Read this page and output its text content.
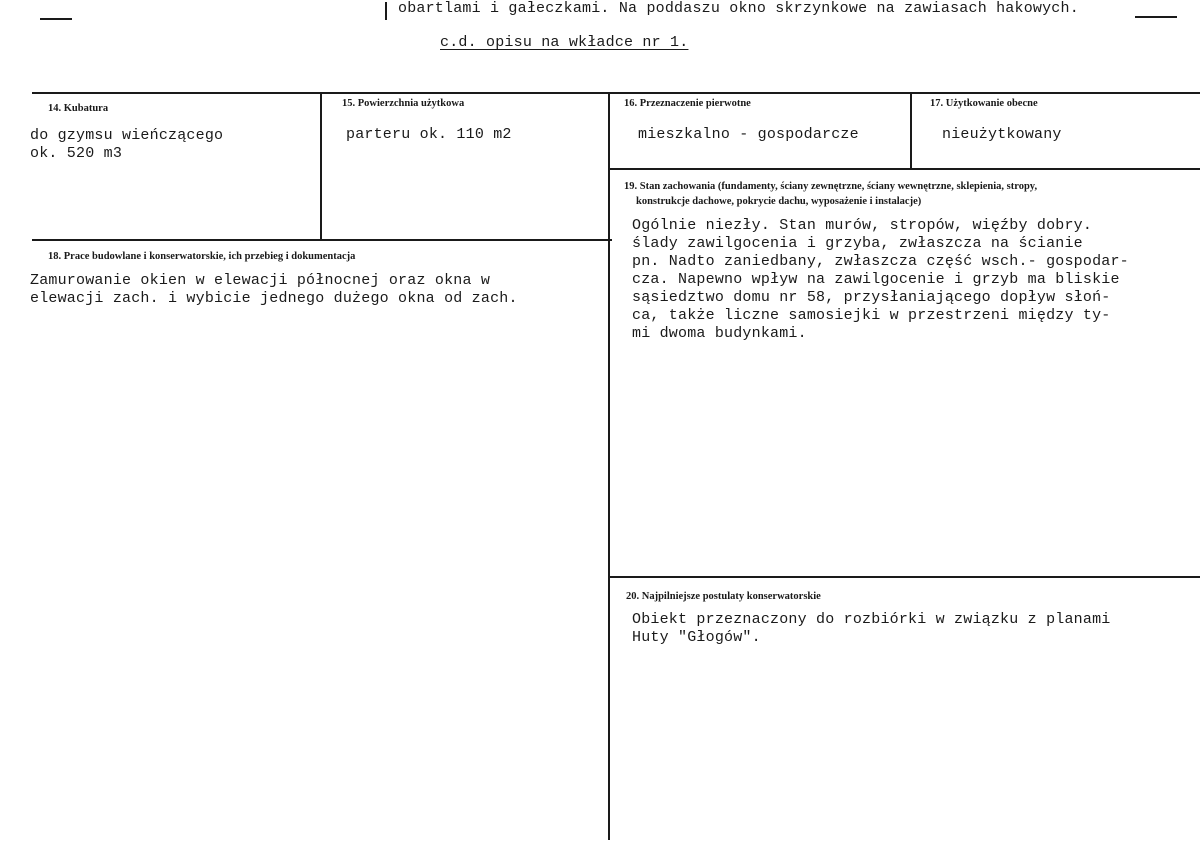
obartlami i gałeczkami. Na poddaszu okno skrzynkowe na zawiasach hakowych.
c.d. opisu na wkładce nr 1.
14. Kubatura
do gzymsu wieńczącego
ok. 520 m3
15. Powierzchnia użytkowa
parteru ok. 110 m2
16. Przeznaczenie pierwotne
mieszkalno - gospodarcze
17. Użytkowanie obecne
nieużytkowany
19. Stan zachowania (fundamenty, ściany zewnętrzne, ściany wewnętrzne, sklepienia, stropy,
konstrukcje dachowe, pokrycie dachu, wyposażenie i instalacje)
Ogólnie niezły. Stan murów, stropów, więźby dobry.
ślady zawilgocenia i grzyba, zwłaszcza na ścianie
pn. Nadto zaniedbany, zwłaszcza część wsch.- gospodar-
cza. Napewno wpływ na zawilgocenie i grzyb ma bliskie
sąsiedztwo domu nr 58, przysłaniającego dopływ słoń-
ca, także liczne samosiejki w przestrzeni między ty-
mi dwoma budynkami.
18. Prace budowlane i konserwatorskie, ich przebieg i dokumentacja
Zamurowanie okien w elewacji północnej oraz okna w
elewacji zach. i wybicie jednego dużego okna od zach.
20. Najpilniejsze postulaty konserwatorskie
Obiekt przeznaczony do rozbiórki w związku z planami
Huty "Głogów".
